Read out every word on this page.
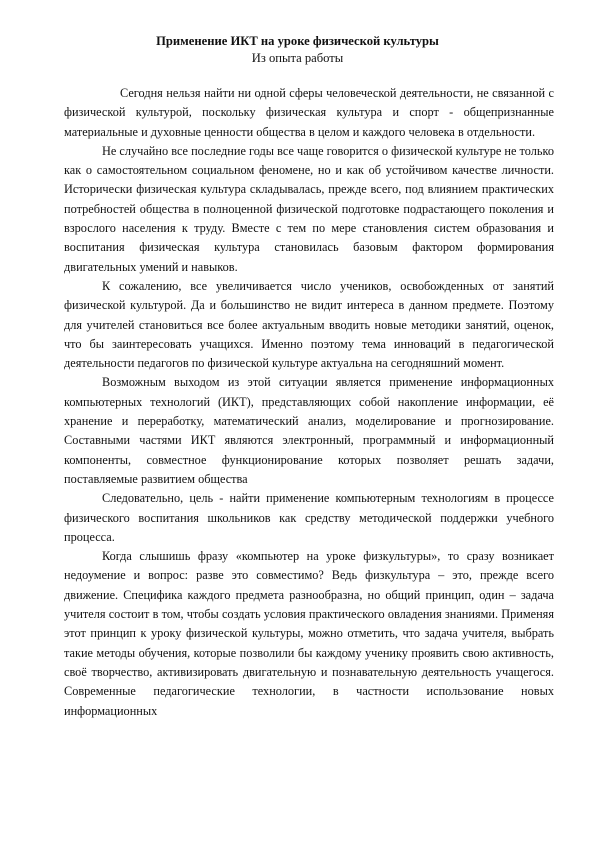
Применение ИКТ на уроке физической культуры
Из опыта работы

Сегодня нельзя найти ни одной сферы человеческой деятельности, не связанной с физической культурой, поскольку физическая культура и спорт - общепризнанные материальные и духовные ценности общества в целом и каждого человека в отдельности.

Не случайно все последние годы все чаще говорится о физической культуре не только как о самостоятельном социальном феномене, но и как об устойчивом качестве личности. Исторически физическая культура складывалась, прежде всего, под влиянием практических потребностей общества в полноценной физической подготовке подрастающего поколения и взрослого населения к труду. Вместе с тем по мере становления систем образования и воспитания физическая культура становилась базовым фактором формирования двигательных умений и навыков.

К сожалению, все увеличивается число учеников, освобожденных от занятий физической культурой. Да и большинство не видит интереса в данном предмете. Поэтому для учителей становиться все более актуальным вводить новые методики занятий, оценок, что бы заинтересовать учащихся. Именно поэтому тема инноваций в педагогической деятельности педагогов по физической культуре актуальна на сегодняшний момент.

Возможным выходом из этой ситуации является применение информационных компьютерных технологий (ИКТ), представляющих собой накопление информации, её хранение и переработку, математический анализ, моделирование и прогнозирование. Составными частями ИКТ являются электронный, программный и информационный компоненты, совместное функционирование которых позволяет решать задачи, поставляемые развитием общества

Следовательно, цель - найти применение компьютерным технологиям в процессе физического воспитания школьников как средству методической поддержки учебного процесса.

Когда слышишь фразу «компьютер на уроке физкультуры», то сразу возникает недоумение и вопрос: разве это совместимо? Ведь физкультура – это, прежде всего движение. Специфика каждого предмета разнообразна, но общий принцип, один – задача учителя состоит в том, чтобы создать условия практического овладения знаниями. Применяя этот принцип к уроку физической культуры, можно отметить, что задача учителя, выбрать такие методы обучения, которые позволили бы каждому ученику проявить свою активность, своё творчество, активизировать двигательную и познавательную деятельность учащегося. Современные педагогические технологии, в частности использование новых информационных
